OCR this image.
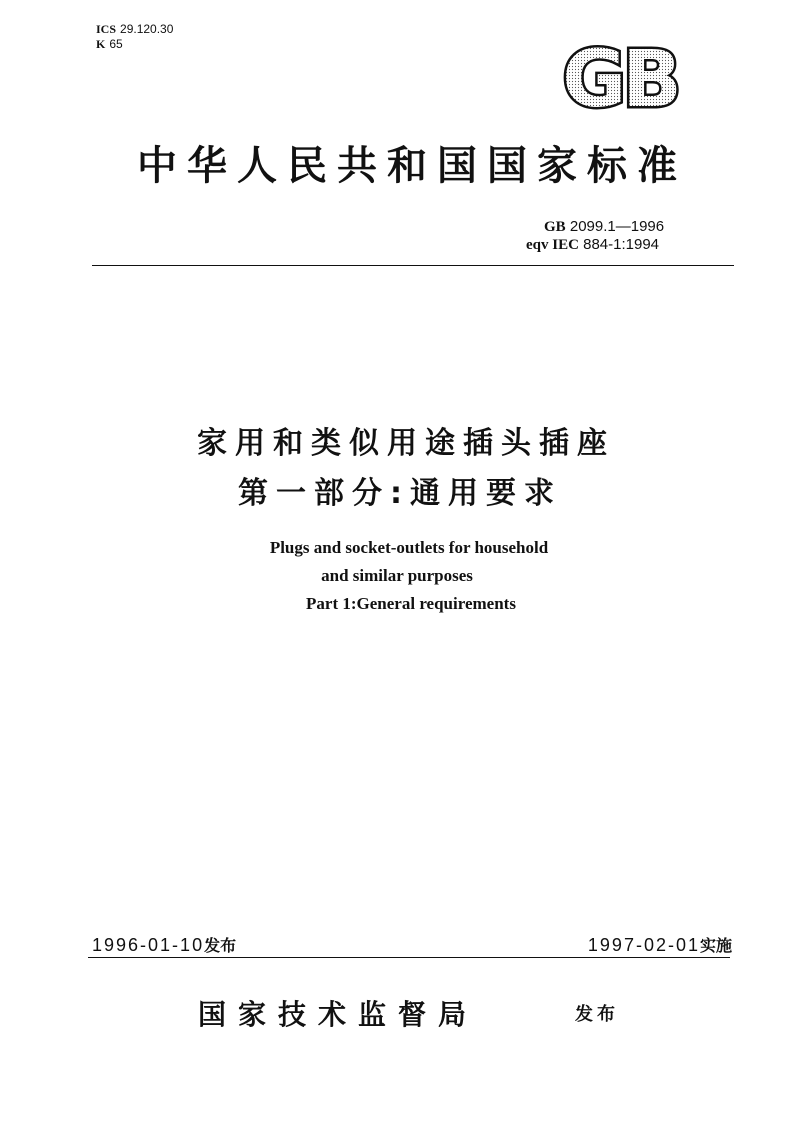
ICS 29.120.30
K 65	GB
中华人民共和国国家标准
GB 2099.1—1996
eqv IEC 884-1:1994
家用和类似用途插头插座
第一部分:通用要求
Plugs and socket-outlets for household
and similar purposes
Part 1:General requirements
1996-01-10发布	1997-02-01实施
国家技术监督局	发布
